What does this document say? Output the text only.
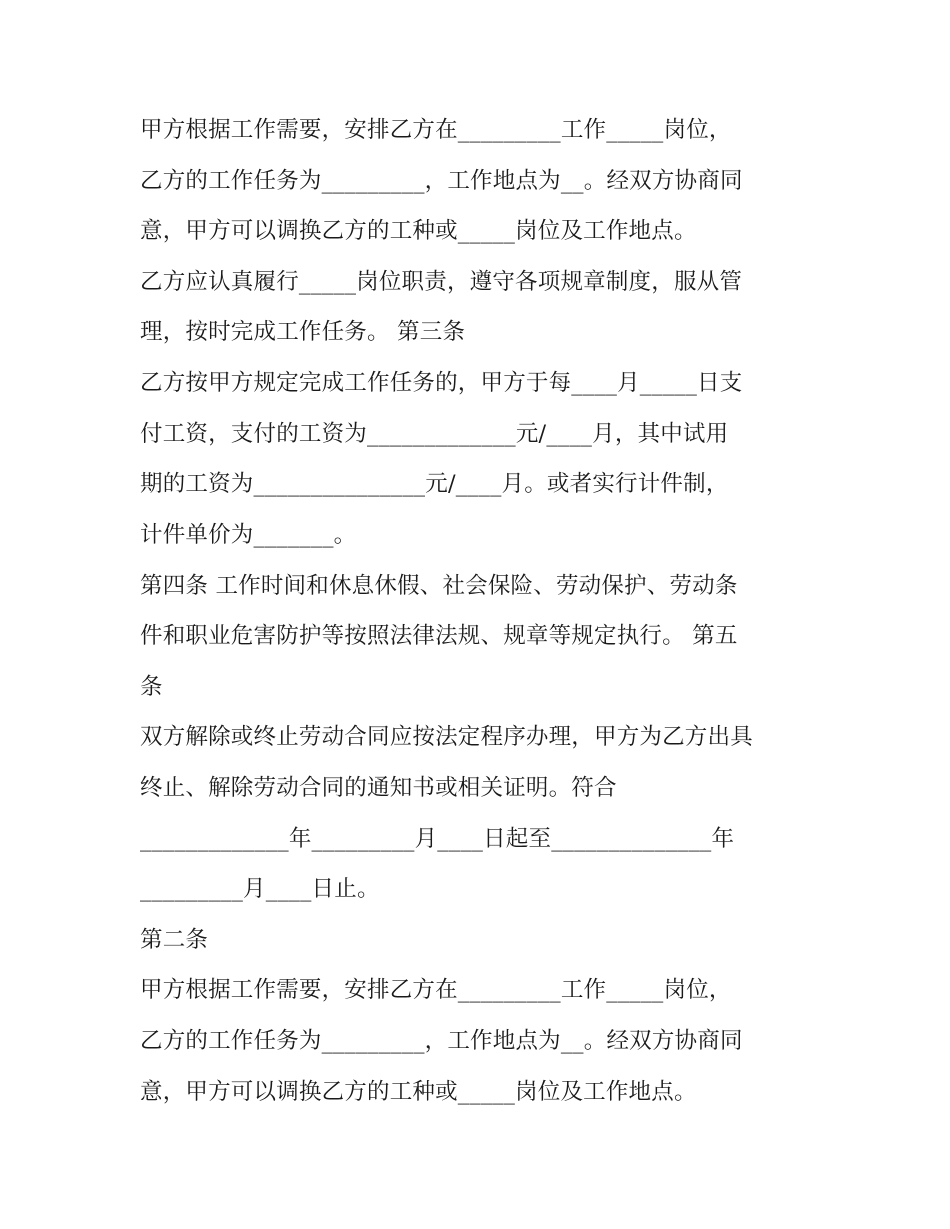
甲方根据工作需要，安排乙方在_________工作_____岗位，
乙方的工作任务为_________，工作地点为__。经双方协商同
意，甲方可以调换乙方的工种或_____岗位及工作地点。
乙方应认真履行_____岗位职责，遵守各项规章制度，服从管
理，按时完成工作任务。 第三条
乙方按甲方规定完成工作任务的，甲方于每____月_____日支
付工资，支付的工资为_____________元/____月，其中试用
期的工资为_______________元/____月。或者实行计件制，
计件单价为_______。
第四条 工作时间和休息休假、社会保险、劳动保护、劳动条
件和职业危害防护等按照法律法规、规章等规定执行。 第五
条
双方解除或终止劳动合同应按法定程序办理，甲方为乙方出具
终止、解除劳动合同的通知书或相关证明。符合
_____________年_________月____日起至______________年
_________月____日止。
第二条
甲方根据工作需要，安排乙方在_________工作_____岗位，
乙方的工作任务为_________，工作地点为__。经双方协商同
意，甲方可以调换乙方的工种或_____岗位及工作地点。
